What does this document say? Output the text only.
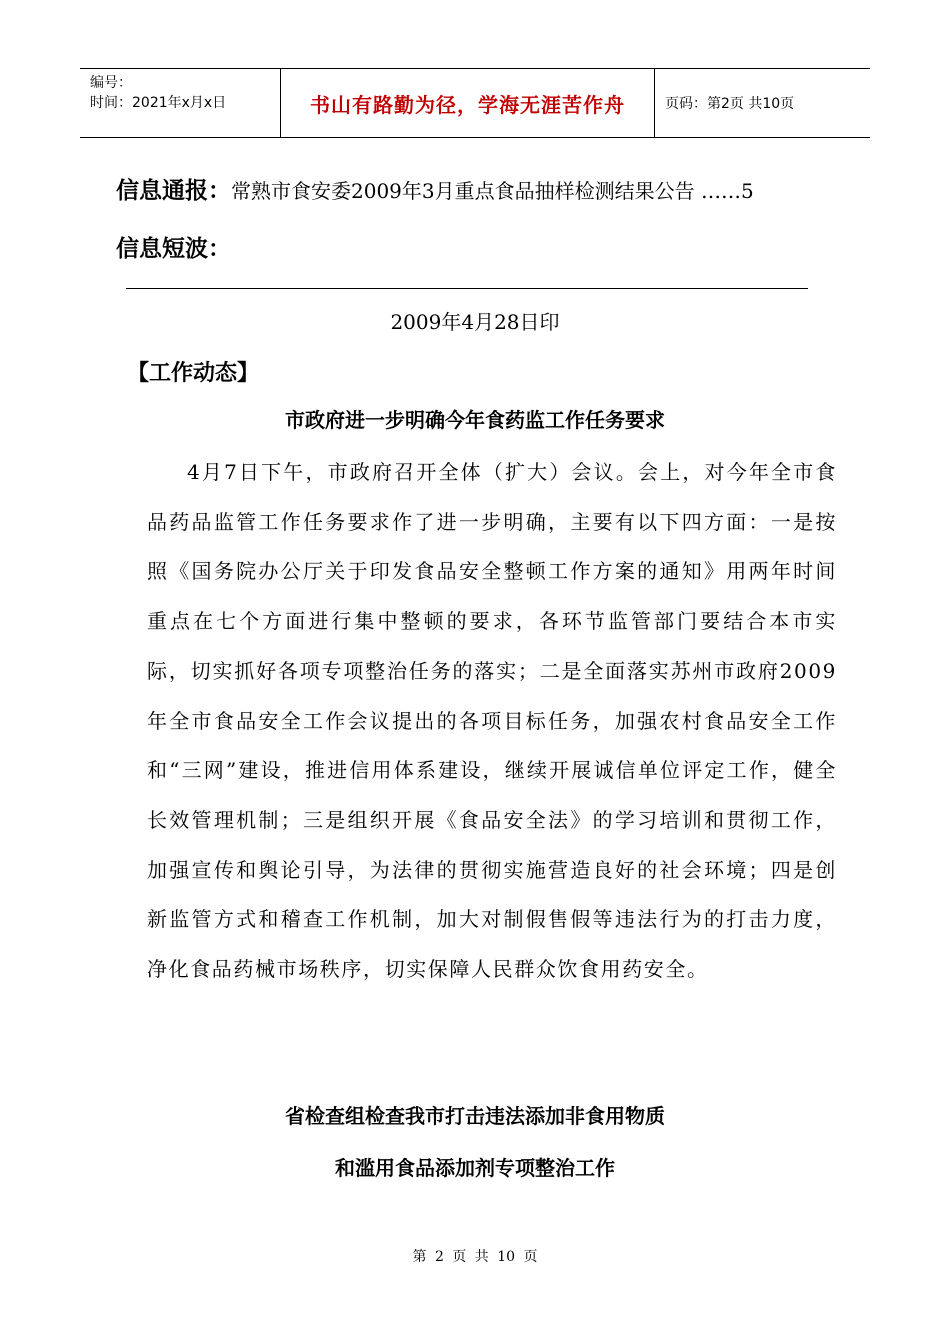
编号：
时间：2021年x月x日	书山有路勤为径，学海无涯苦作舟	页码：第2页 共10页
信息通报：常熟市食安委2009年3月重点食品抽样检测结果公告 ……5
信息短波：
2009年4月28日印
【工作动态】
市政府进一步明确今年食药监工作任务要求
4月7日下午，市政府召开全体（扩大）会议。会上，对今年全市食品药品监管工作任务要求作了进一步明确，主要有以下四方面：一是按照《国务院办公厅关于印发食品安全整顿工作方案的通知》用两年时间重点在七个方面进行集中整顿的要求，各环节监管部门要结合本市实际，切实抓好各项专项整治任务的落实；二是全面落实苏州市政府2009年全市食品安全工作会议提出的各项目标任务，加强农村食品安全工作和“三网”建设，推进信用体系建设，继续开展诚信单位评定工作，健全长效管理机制；三是组织开展《食品安全法》的学习培训和贯彻工作，加强宣传和舆论引导，为法律的贯彻实施营造良好的社会环境；四是创新监管方式和稽查工作机制，加大对制假售假等违法行为的打击力度，净化食品药械市场秩序，切实保障人民群众饮食用药安全。
省检查组检查我市打击违法添加非食用物质
和滥用食品添加剂专项整治工作
第 2 页 共 10 页
